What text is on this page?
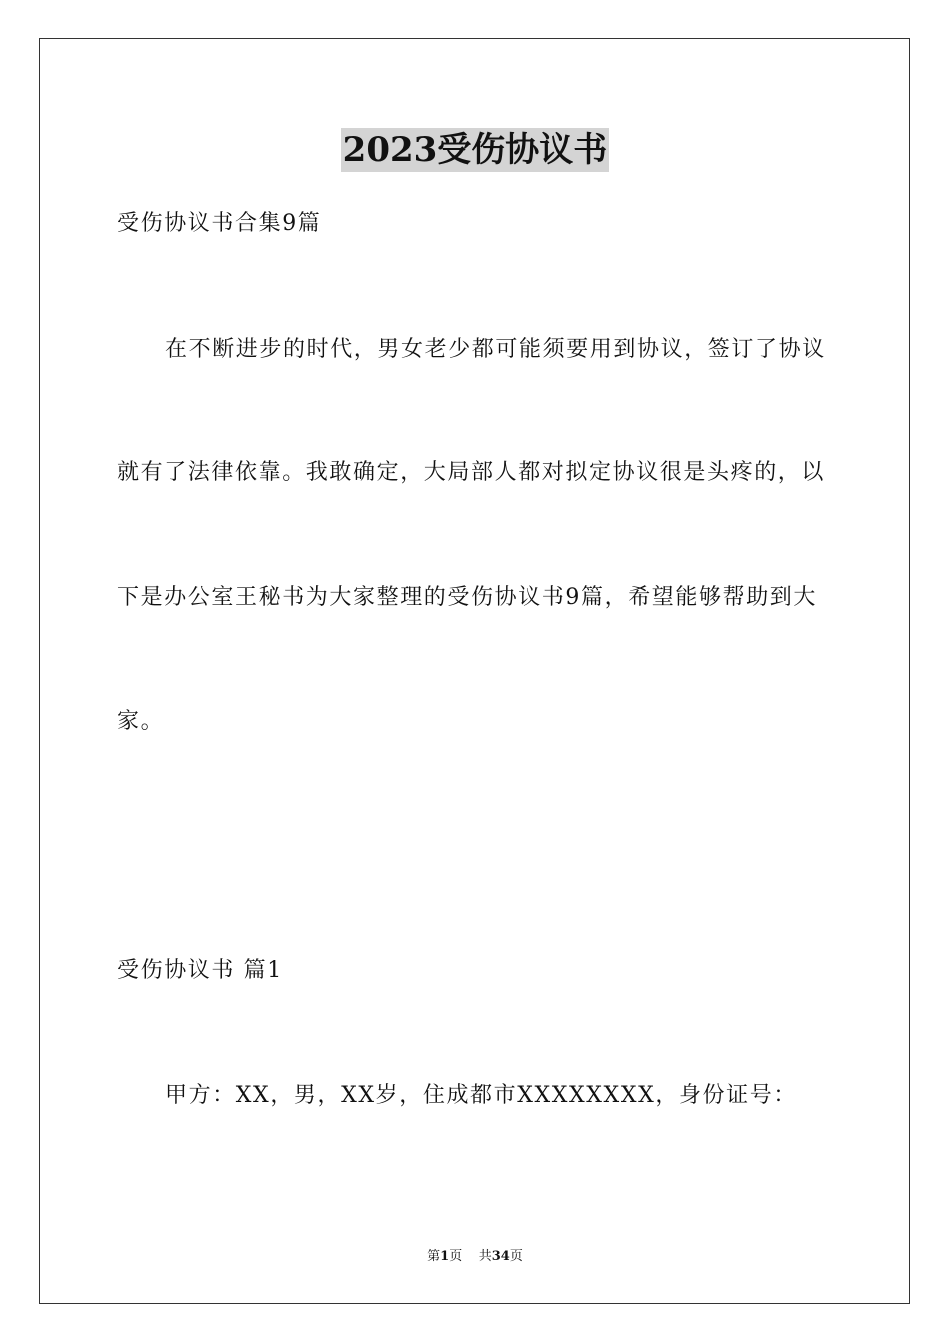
2023受伤协议书
受伤协议书合集9篇
在不断进步的时代，男女老少都可能须要用到协议，签订了协议
就有了法律依靠。我敢确定，大局部人都对拟定协议很是头疼的，以
下是办公室王秘书为大家整理的受伤协议书9篇，希望能够帮助到大
家。
受伤协议书 篇1
甲方：XX，男，XX岁，住成都市XXXXXXXX，身份证号：
第1页 共34页
